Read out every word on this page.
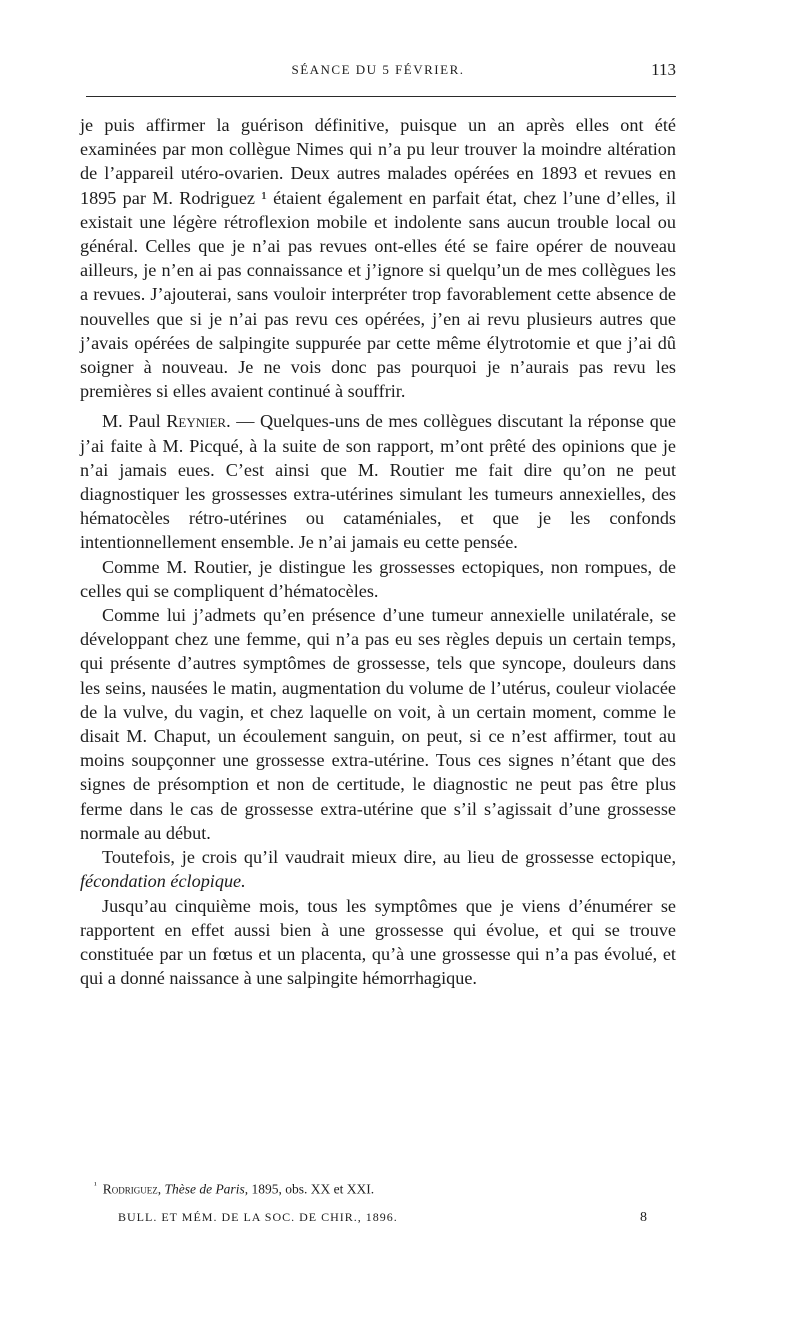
SÉANCE DU 5 FÉVRIER.	113

je puis affirmer la guérison définitive, puisque un an après elles ont été examinées par mon collègue Nimes qui n’a pu leur trouver la moindre altération de l’appareil utéro-ovarien. Deux autres malades opérées en 1893 et revues en 1895 par M. Rodriguez ¹ étaient également en parfait état, chez l’une d’elles, il existait une légère rétroflexion mobile et indolente sans aucun trouble local ou général. Celles que je n’ai pas revues ont-elles été se faire opérer de nouveau ailleurs, je n’en ai pas connaissance et j’ignore si quelqu’un de mes collègues les a revues. J’ajouterai, sans vouloir interpréter trop favorablement cette absence de nouvelles que si je n’ai pas revu ces opérées, j’en ai revu plusieurs autres que j’avais opérées de salpingite suppurée par cette même élytrotomie et que j’ai dû soigner à nouveau. Je ne vois donc pas pourquoi je n’aurais pas revu les premières si elles avaient continué à souffrir.

M. Paul Reynier. — Quelques-uns de mes collègues discutant la réponse que j’ai faite à M. Picqué, à la suite de son rapport, m’ont prêté des opinions que je n’ai jamais eues. C’est ainsi que M. Routier me fait dire qu’on ne peut diagnostiquer les grossesses extra-utérines simulant les tumeurs annexielles, des hématocèles rétro-utérines ou cataméniales, et que je les confonds intentionnellement ensemble. Je n’ai jamais eu cette pensée.

Comme M. Routier, je distingue les grossesses ectopiques, non rompues, de celles qui se compliquent d’hématocèles.

Comme lui j’admets qu’en présence d’une tumeur annexielle unilatérale, se développant chez une femme, qui n’a pas eu ses règles depuis un certain temps, qui présente d’autres symptômes de grossesse, tels que syncope, douleurs dans les seins, nausées le matin, augmentation du volume de l’utérus, couleur violacée de la vulve, du vagin, et chez laquelle on voit, à un certain moment, comme le disait M. Chaput, un écoulement sanguin, on peut, si ce n’est affirmer, tout au moins soupçonner une grossesse extra-utérine. Tous ces signes n’étant que des signes de présomption et non de certitude, le diagnostic ne peut pas être plus ferme dans le cas de grossesse extra-utérine que s’il s’agissait d’une grossesse normale au début.

Toutefois, je crois qu’il vaudrait mieux dire, au lieu de grossesse ectopique, fécondation éclopique.

Jusqu’au cinquième mois, tous les symptômes que je viens d’énumérer se rapportent en effet aussi bien à une grossesse qui évolue, et qui se trouve constituée par un fœtus et un placenta, qu’à une grossesse qui n’a pas évolué, et qui a donné naissance à une salpingite hémorrhagique.

$^{^1}$ Rodriguez, Thèse de Paris, 1895, obs. XX et XXI.
BULL. ET MÉM. DE LA SOC. DE CHIR., 1896.	8
